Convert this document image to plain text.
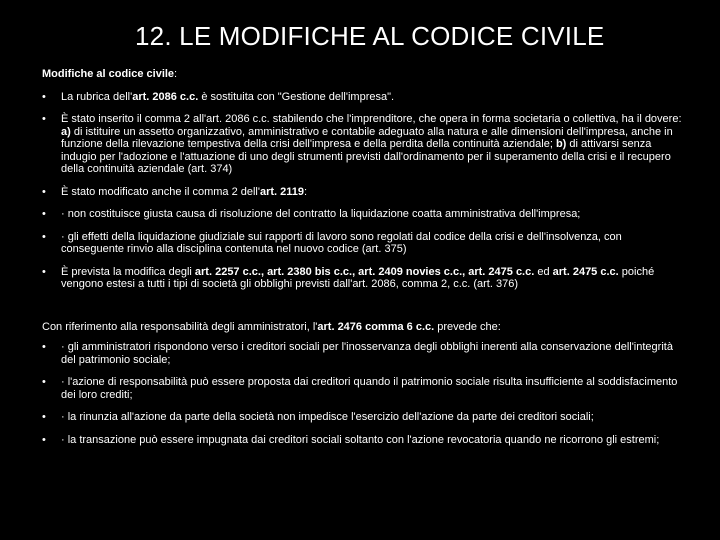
12. LE MODIFICHE AL CODICE CIVILE
Modifiche al codice civile:
• La rubrica dell'art. 2086 c.c. è sostituita con "Gestione dell'impresa".
• È stato inserito il comma 2 all'art. 2086 c.c. stabilendo che l'imprenditore, che opera in forma societaria o collettiva, ha il dovere: a) di istituire un assetto organizzativo, amministrativo e contabile adeguato alla natura e alle dimensioni dell'impresa, anche in funzione della rilevazione tempestiva della crisi dell'impresa e della perdita della continuità aziendale; b) di attivarsi senza indugio per l'adozione e l'attuazione di uno degli strumenti previsti dall'ordinamento per il superamento della crisi e il recupero della continuità aziendale (art. 374)
• È stato modificato anche il comma 2 dell'art. 2119:
• · non costituisce giusta causa di risoluzione del contratto la liquidazione coatta amministrativa dell'impresa;
• · gli effetti della liquidazione giudiziale sui rapporti di lavoro sono regolati dal codice della crisi e dell'insolvenza, con conseguente rinvio alla disciplina contenuta nel nuovo codice (art. 375)
• È prevista la modifica degli art. 2257 c.c., art. 2380 bis c.c., art. 2409 novies c.c., art. 2475 c.c. ed art. 2475 c.c. poiché vengono estesi a tutti i tipi di società gli obblighi previsti dall'art. 2086, comma 2, c.c. (art. 376)
Con riferimento alla responsabilità degli amministratori, l'art. 2476 comma 6 c.c. prevede che:
• · gli amministratori rispondono verso i creditori sociali per l'inosservanza degli obblighi inerenti alla conservazione dell'integrità del patrimonio sociale;
• · l'azione di responsabilità può essere proposta dai creditori quando il patrimonio sociale risulta insufficiente al soddisfacimento dei loro crediti;
• · la rinunzia all'azione da parte della società non impedisce l'esercizio dell'azione da parte dei creditori sociali;
• · la transazione può essere impugnata dai creditori sociali soltanto con l'azione revocatoria quando ne ricorrono gli estremi;
